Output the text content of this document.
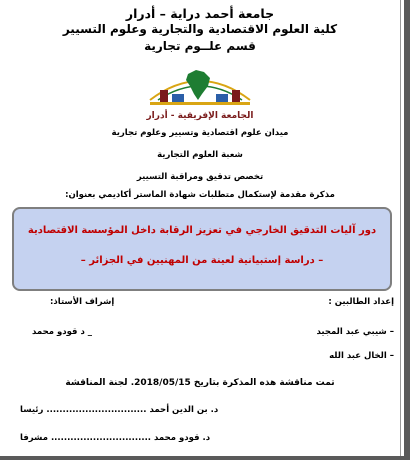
جامعة أحمد دراية – أدرار
كلية العلوم الاقتصادية والتجارية وعلوم التسيير
قسم علــوم تجارية
الجامعة الإفريقية - أدرار
ميدان علوم اقتصادية وتسيير وعلوم تجارية
شعبة العلوم التجارية
تخصص تدقيق ومراقبة التسيير
مذكرة مقدمة لإستكمال متطلبات شهادة الماستر أكاديمي بعنوان:
دور آليات التدقيق الخارجي في تعزيز الرقابة داخل المؤسسة الاقتصادية
– دراسة إستبيانية لعينة من المهنيين في الجزائر –
إعداد الطالبين :
إشراف الأستاذ:
– شيبي عبد المجيد
_ د قودو محمد
– الخال عبد الله
تمت مناقشة هذه المذكرة بتاريخ 2018/05/15. لجنة المناقشة
د. بن الدين أحمد ............................... رئيسا
د. قودو محمد ............................... مشرفا
